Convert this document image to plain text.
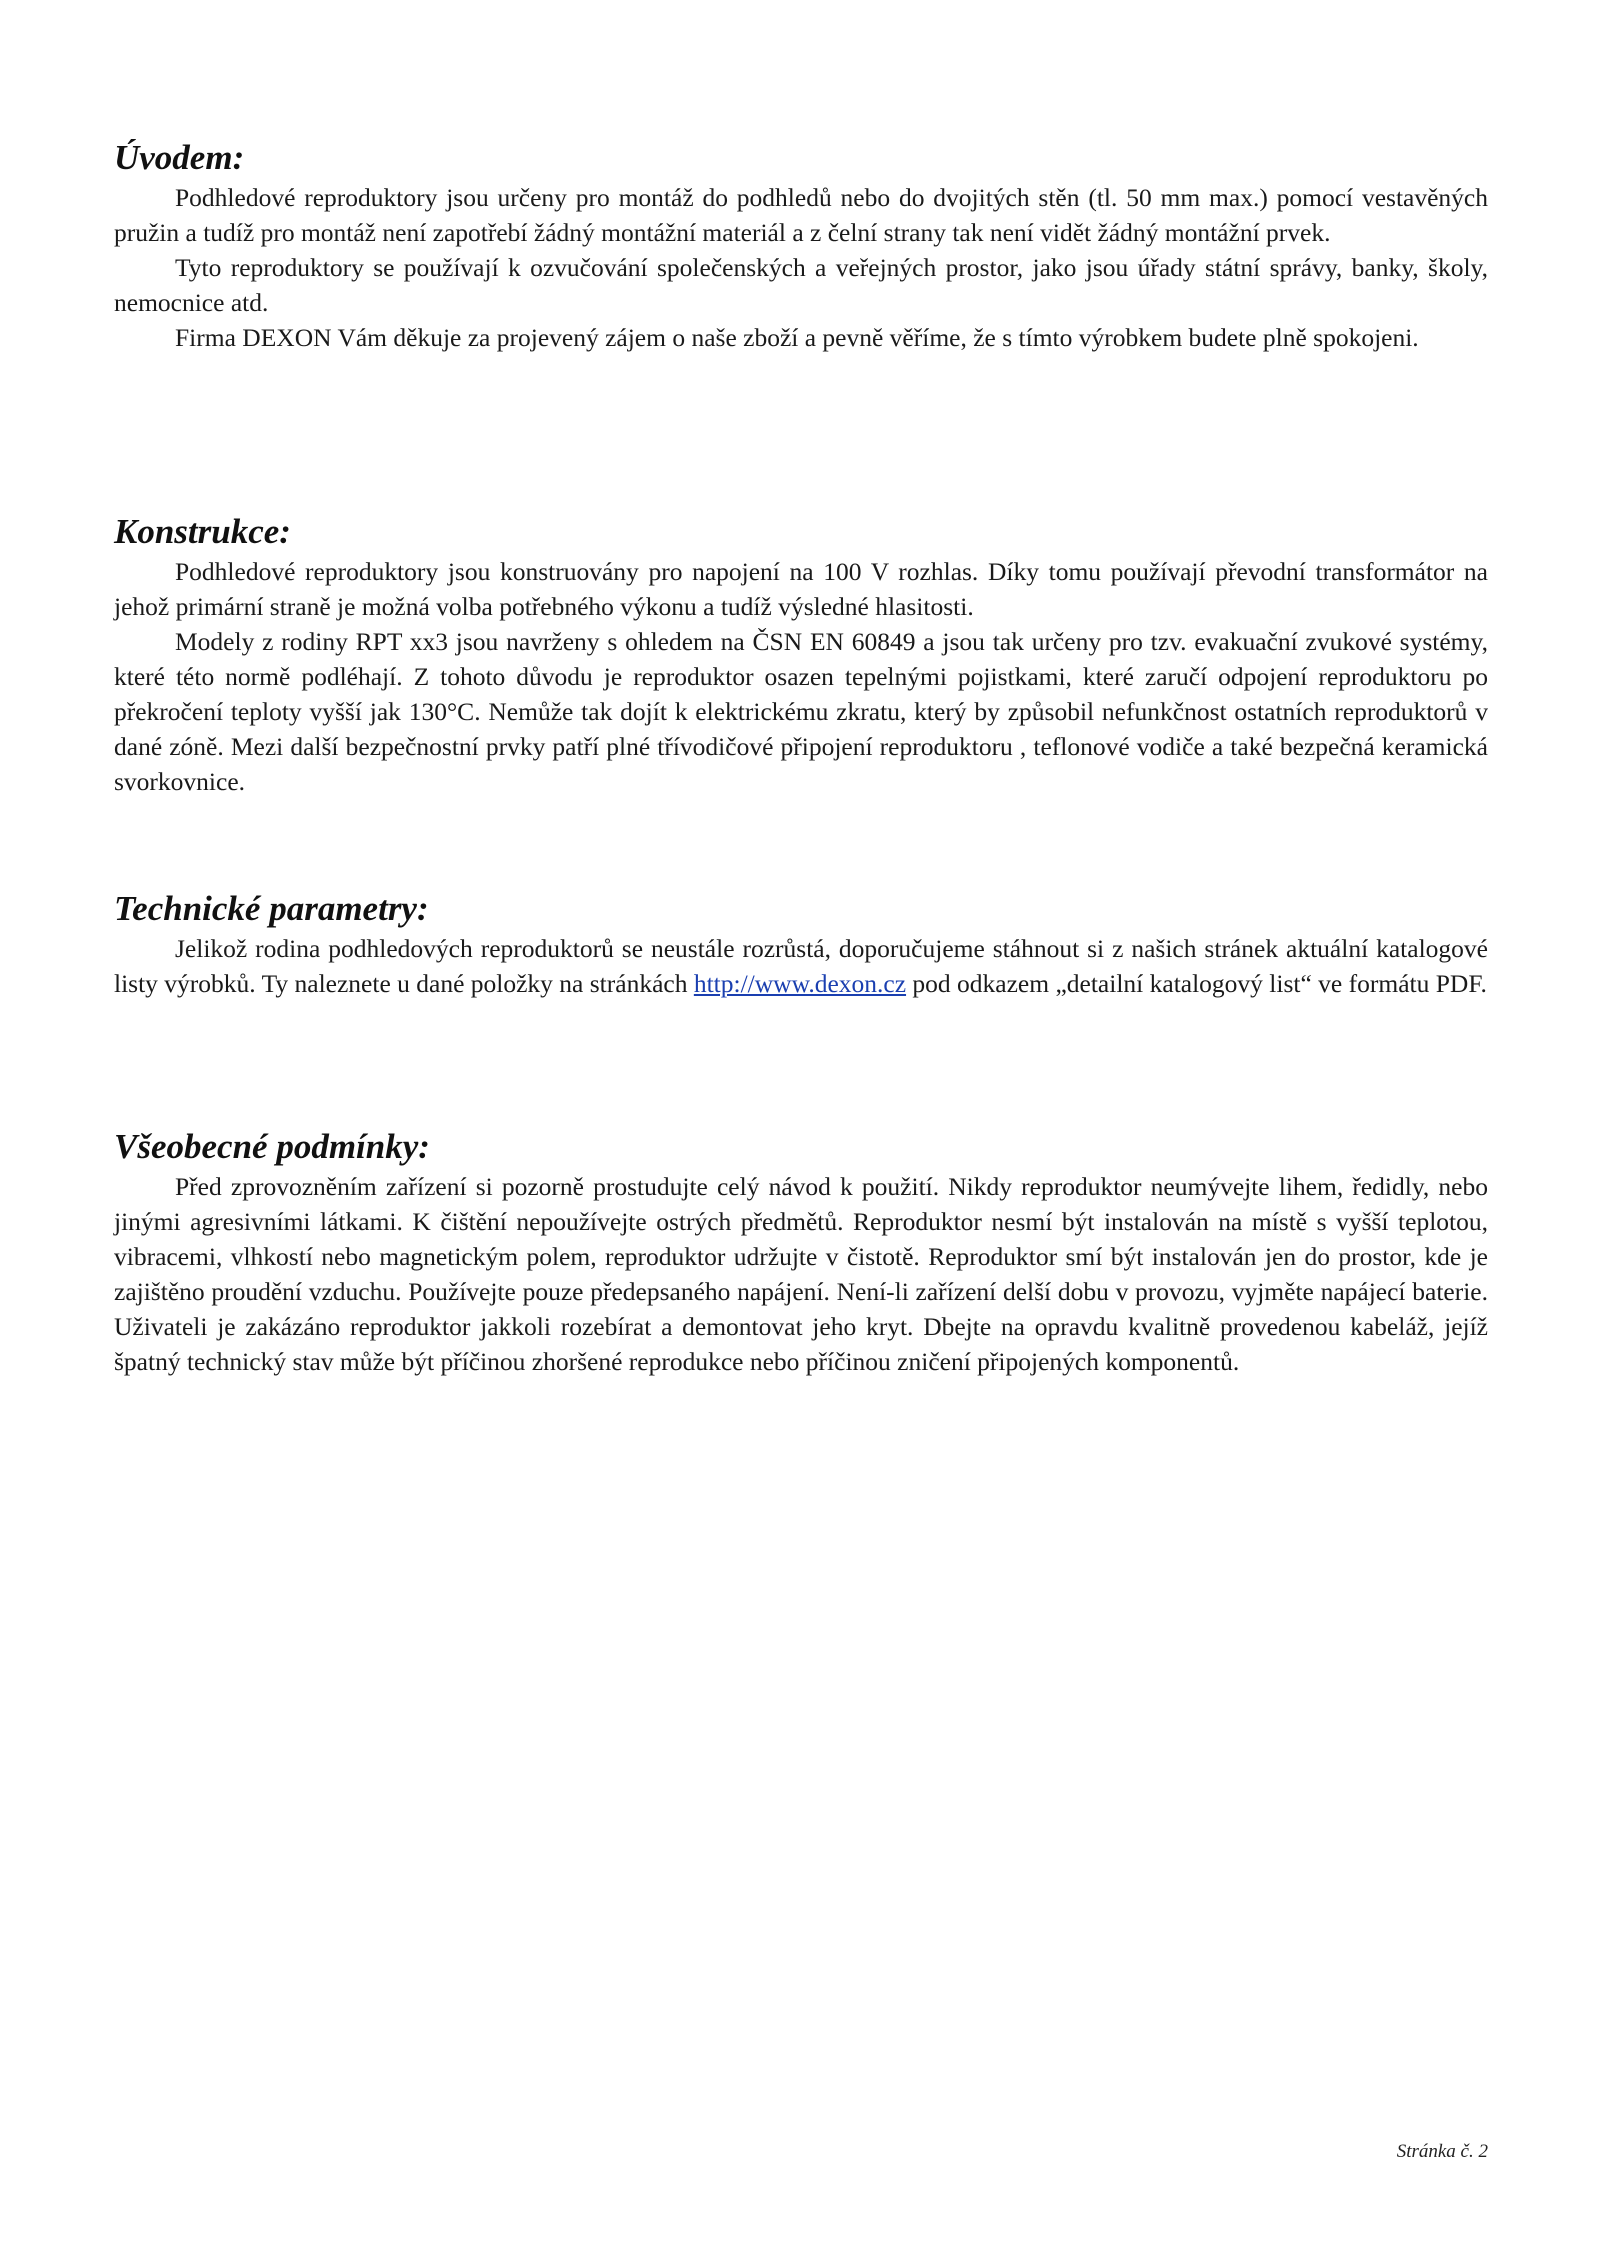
Úvodem:

Podhledové reproduktory jsou určeny pro montáž do podhledů nebo do dvojitých stěn (tl. 50 mm max.) pomocí vestavěných pružin a tudíž pro montáž není zapotřebí žádný montážní materiál a z čelní strany tak není vidět žádný montážní prvek.

Tyto reproduktory se používají k ozvučování společenských a veřejných prostor, jako jsou úřady státní správy, banky, školy, nemocnice atd.

Firma DEXON Vám děkuje za projevený zájem o naše zboží a pevně věříme, že s tímto výrobkem budete plně spokojeni.

Konstrukce:

Podhledové reproduktory jsou konstruovány pro napojení na 100 V rozhlas. Díky tomu používají převodní transformátor na jehož primární straně je možná volba potřebného výkonu a tudíž výsledné hlasitosti.

Modely z rodiny RPT xx3 jsou navrženy s ohledem na ČSN EN 60849 a jsou tak určeny pro tzv. evakuační zvukové systémy, které této normě podléhají. Z tohoto důvodu je reproduktor osazen tepelnými pojistkami, které zaručí odpojení reproduktoru po překročení teploty vyšší jak 130°C. Nemůže tak dojít k elektrickému zkratu, který by způsobil nefunkčnost ostatních reproduktorů v dané zóně. Mezi další bezpečnostní prvky patří plné třívodičové připojení reproduktoru , teflonové vodiče a také bezpečná keramická svorkovnice.

Technické parametry:

Jelikož rodina podhledových reproduktorů se neustále rozrůstá, doporučujeme stáhnout si z našich stránek aktuální katalogové listy výrobků. Ty naleznete u dané položky na stránkách http://www.dexon.cz pod odkazem „detailní katalogový list“ ve formátu PDF.

Všeobecné podmínky:

Před zprovozněním zařízení si pozorně prostudujte celý návod k použití. Nikdy reproduktor neumývejte lihem, ředidly, nebo jinými agresivními látkami. K čištění nepoužívejte ostrých předmětů. Reproduktor nesmí být instalován na místě s vyšší teplotou, vibracemi, vlhkostí nebo magnetickým polem, reproduktor udržujte v čistotě. Reproduktor smí být instalován jen do prostor, kde je zajištěno proudění vzduchu. Používejte pouze předepsaného napájení. Není-li zařízení delší dobu v provozu, vyjměte napájecí baterie. Uživateli je zakázáno reproduktor jakkoli rozebírat a demontovat jeho kryt. Dbejte na opravdu kvalitně provedenou kabeláž, jejíž špatný technický stav může být příčinou zhoršené reprodukce nebo příčinou zničení připojených komponentů.

Stránka č. 2
